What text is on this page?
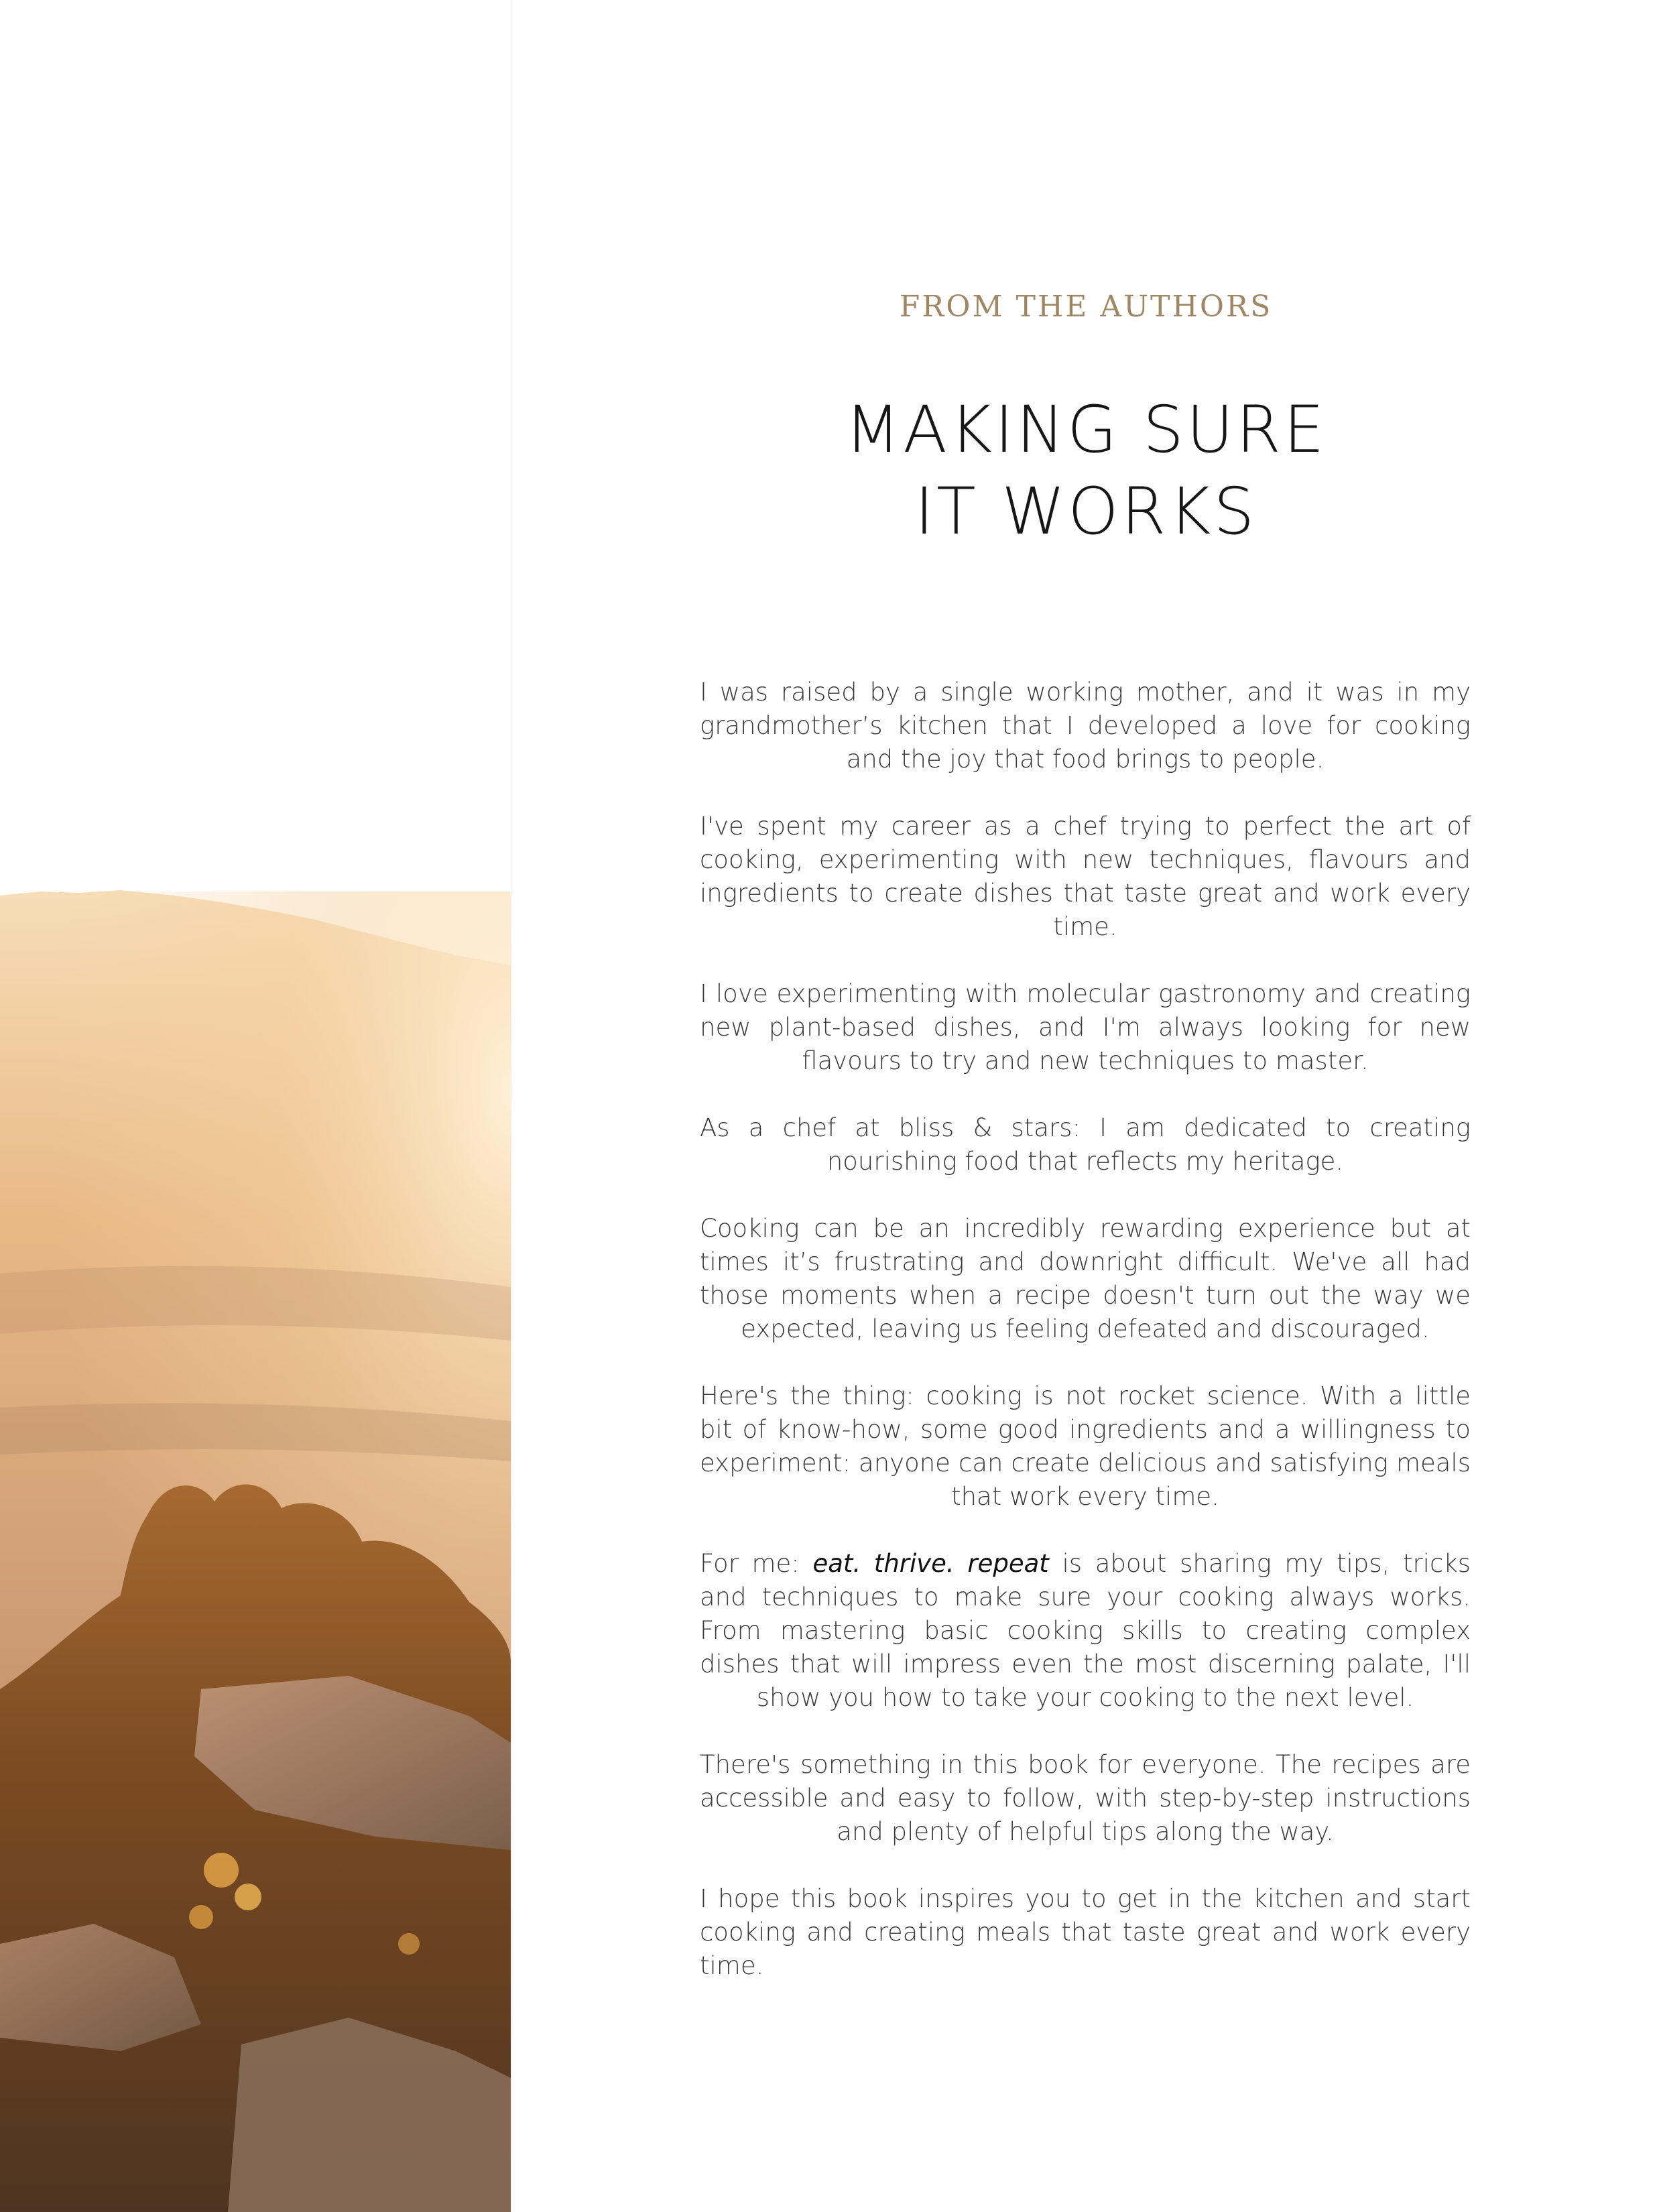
FROM THE AUTHORS
MAKING SURE
IT WORKS

I was raised by a single working mother, and it was in my grandmother’s kitchen that I developed a love for cooking and the joy that food brings to people.

I've spent my career as a chef trying to perfect the art of cooking, experimenting with new techniques, flavours and ingredients to create dishes that taste great and work every time.

I love experimenting with molecular gastronomy and creating new plant-based dishes, and I'm always looking for new flavours to try and new techniques to master.

As a chef at bliss & stars: I am dedicated to creating nourishing food that reflects my heritage.

Cooking can be an incredibly rewarding experience but at times it’s frustrating and downright difficult. We've all had those moments when a recipe doesn't turn out the way we expected, leaving us feeling defeated and discouraged.

Here's the thing: cooking is not rocket science. With a little bit of know-how, some good ingredients and a willingness to experiment: anyone can create delicious and satisfying meals that work every time.

For me: eat. thrive. repeat is about sharing my tips, tricks and techniques to make sure your cooking always works. From mastering basic cooking skills to creating complex dishes that will impress even the most discerning palate, I'll show you how to take your cooking to the next level.

There's something in this book for everyone. The recipes are accessible and easy to follow, with step-by-step instructions and plenty of helpful tips along the way.

I hope this book inspires you to get in the kitchen and start cooking and creating meals that taste great and work every time.
